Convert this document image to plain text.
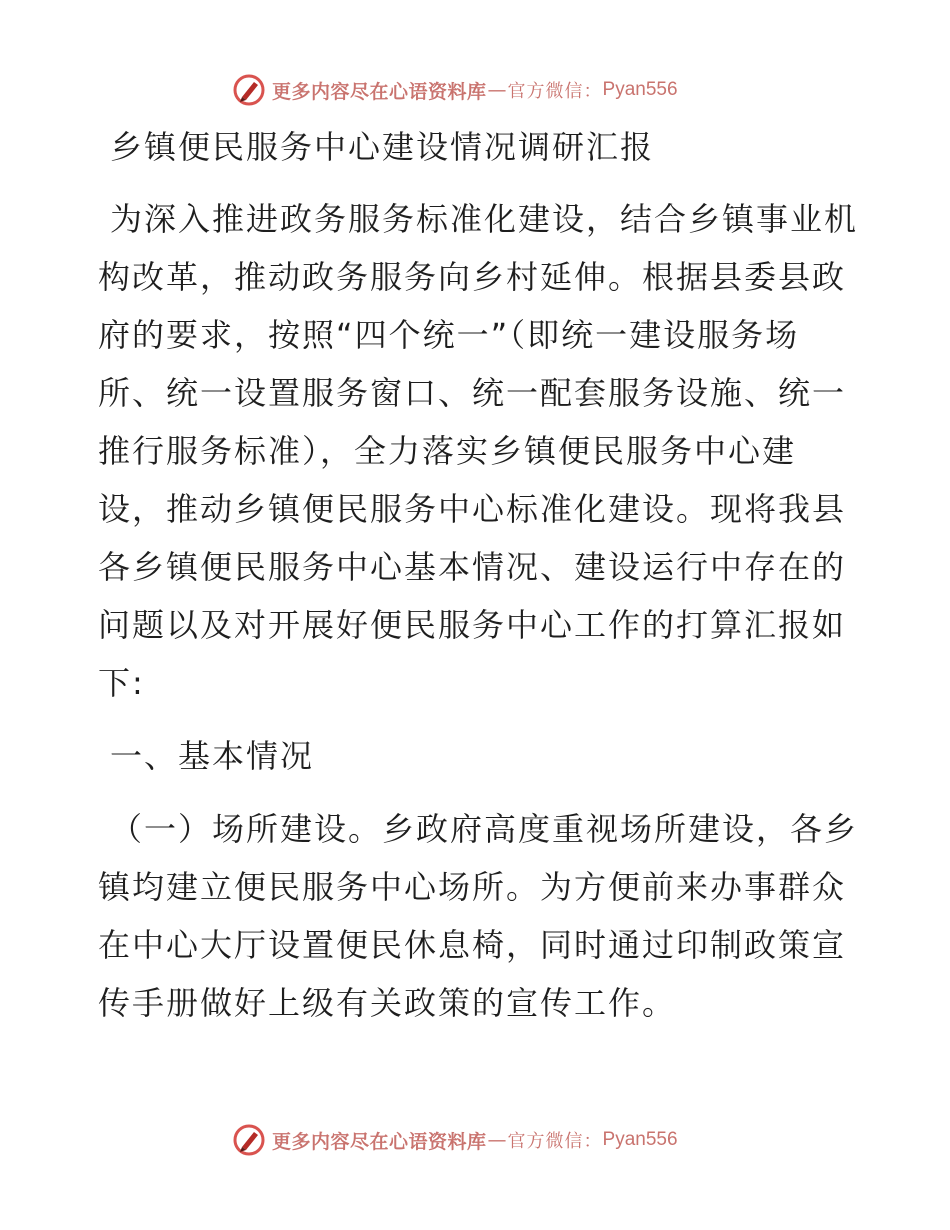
更多内容尽在心语资料库 — 官方微信： Pyan556

乡镇便民服务中心建设情况调研汇报

为深入推进政务服务标准化建设，结合乡镇事业机构改革，推动政务服务向乡村延伸。根据县委县政府的要求，按照“四个统一”（即统一建设服务场所、统一设置服务窗口、统一配套服务设施、统一推行服务标准），全力落实乡镇便民服务中心建设，推动乡镇便民服务中心标准化建设。现将我县各乡镇便民服务中心基本情况、建设运行中存在的问题以及对开展好便民服务中心工作的打算汇报如下:

一、基本情况

（一）场所建设。乡政府高度重视场所建设，各乡镇均建立便民服务中心场所。为方便前来办事群众在中心大厅设置便民休息椅，同时通过印制政策宣传手册做好上级有关政策的宣传工作。

更多内容尽在心语资料库 — 官方微信： Pyan556
